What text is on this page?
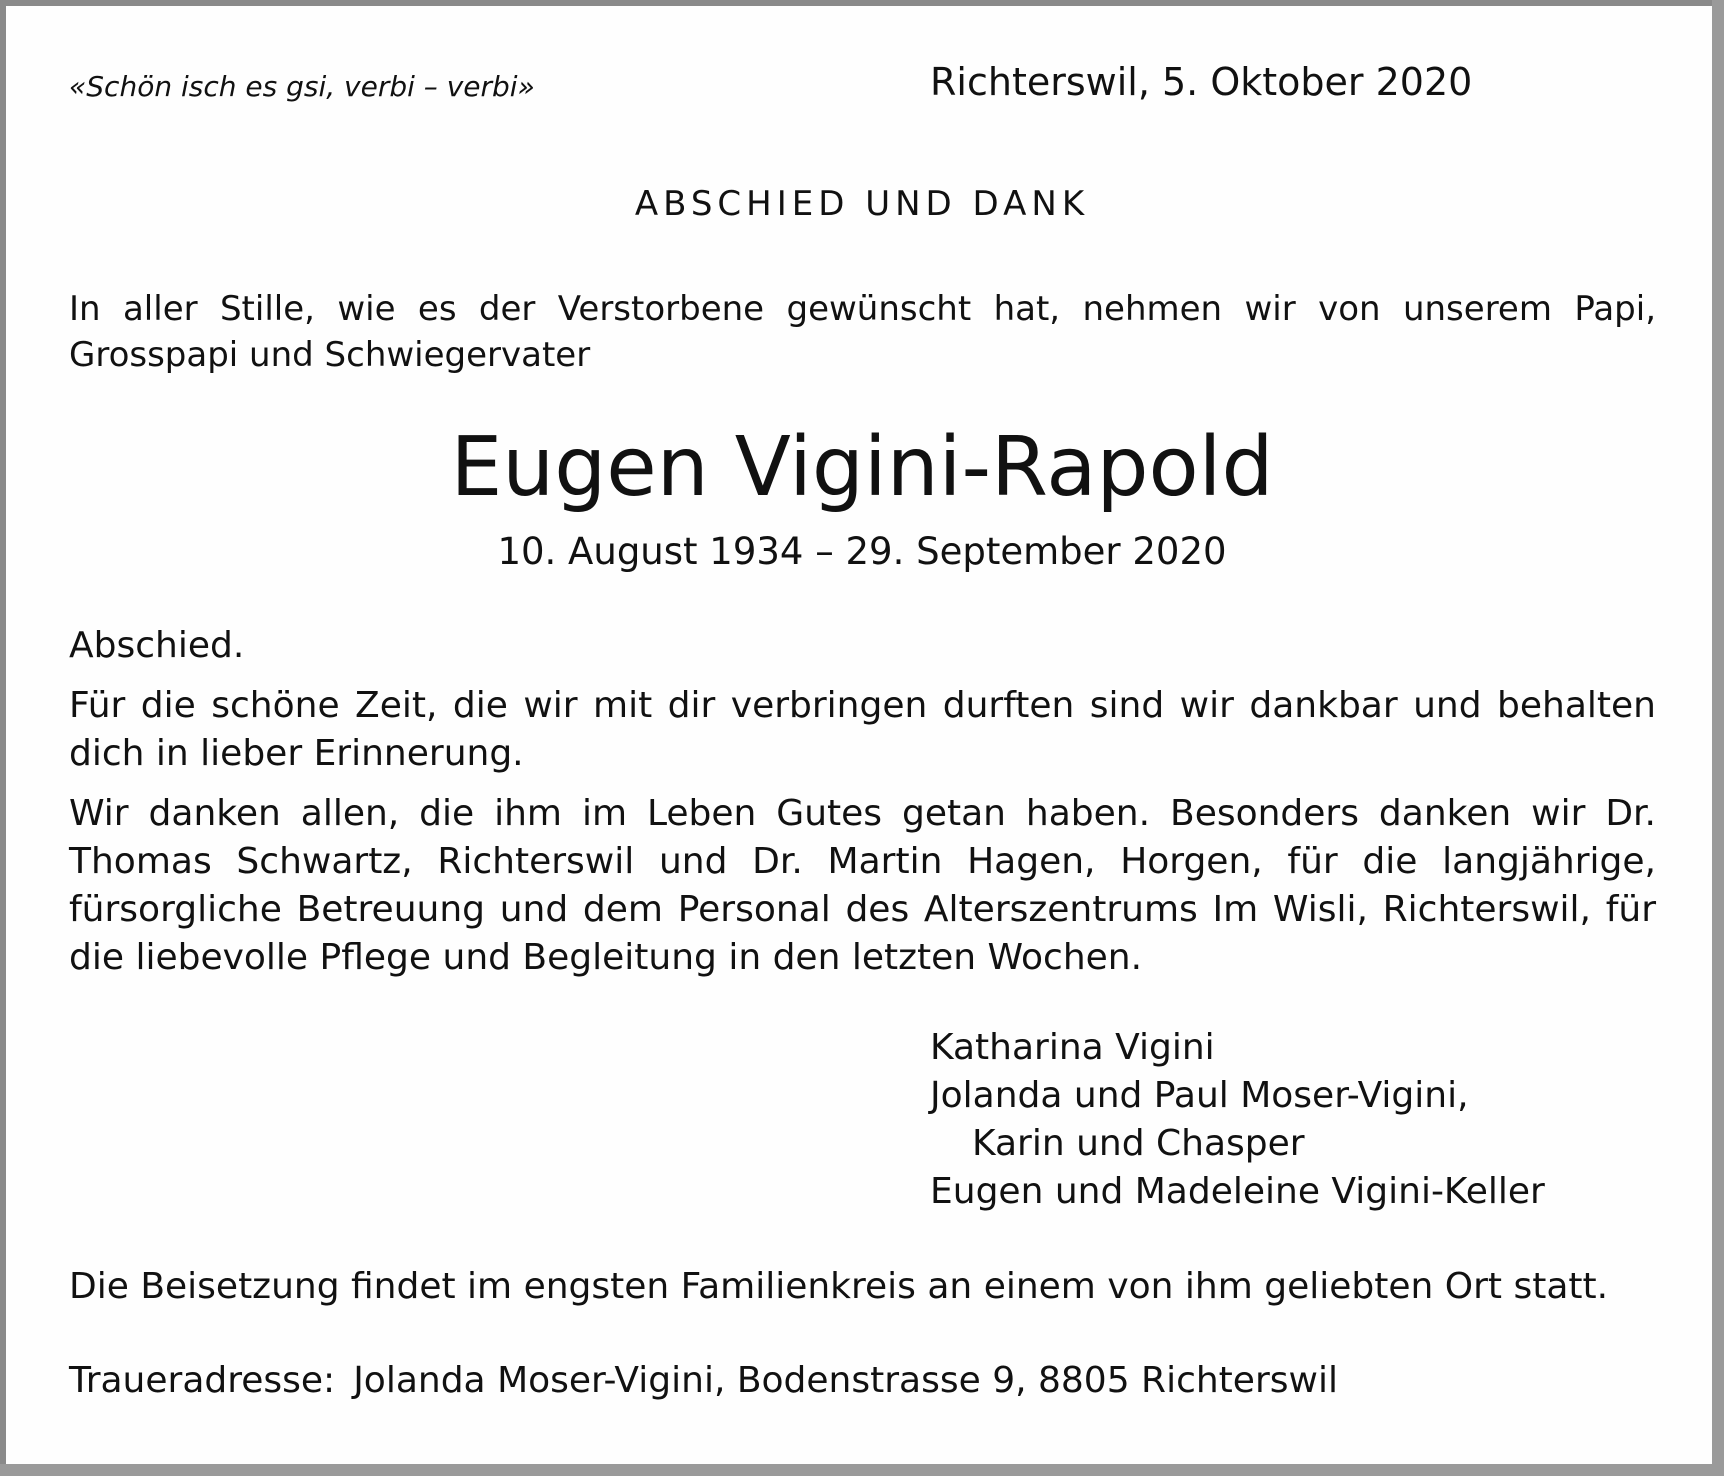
«Schön isch es gsi, verbi – verbi»	Richterswil, 5. Oktober 2020
ABSCHIED UND DANK
In aller Stille, wie es der Verstorbene gewünscht hat, nehmen wir von unserem Papi, Grosspapi und Schwiegervater
Eugen Vigini-Rapold
10. August 1934 – 29. September 2020
Abschied.
Für die schöne Zeit, die wir mit dir verbringen durften sind wir dankbar und behalten dich in lieber Erinnerung.
Wir danken allen, die ihm im Leben Gutes getan haben. Besonders danken wir Dr. Thomas Schwartz, Richterswil und Dr. Martin Hagen, Horgen, für die langjährige, fürsorgliche Betreuung und dem Personal des Alterszentrums Im Wisli, Richterswil, für die liebevolle Pflege und Begleitung in den letzten Wochen.
Katharina Vigini
Jolanda und Paul Moser-Vigini,
Karin und Chasper
Eugen und Madeleine Vigini-Keller
Die Beisetzung findet im engsten Familienkreis an einem von ihm geliebten Ort statt.
Traueradresse: Jolanda Moser-Vigini, Bodenstrasse 9, 8805 Richterswil
